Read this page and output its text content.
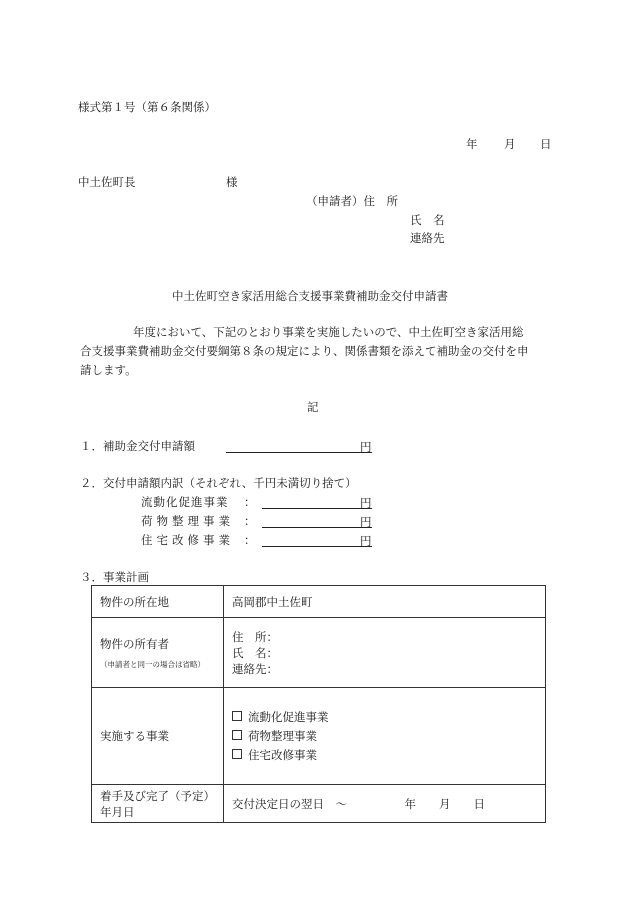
様式第１号（第６条関係）
年 月 日
中土佐町長	様
（申請者）住　所
氏　名
連絡先
中土佐町空き家活用総合支援事業費補助金交付申請書
年度において、下記のとおり事業を実施したいので、中土佐町空き家活用総
合支援事業費補助金交付要綱第８条の規定により、関係書類を添えて補助金の交付を申
請します。
記
１．補助金交付申請額	円
２．交付申請額内訳（それぞれ、千円未満切り捨て）
流動化促進事業 ：	円
荷物整理事業 ：	円
住宅改修事業 ：	円
３．事業計画
物件の所在地	高岡郡中土佐町
物件の所有者
（申請者と同一の場合は省略）	住　所：
氏　名：
連絡先：

実施する事業	流動化促進事業
荷物整理事業
住宅改修事業

着手及び完了（予定）
年月日	交付決定日の翌日　～　　　　　年　　月　　日
